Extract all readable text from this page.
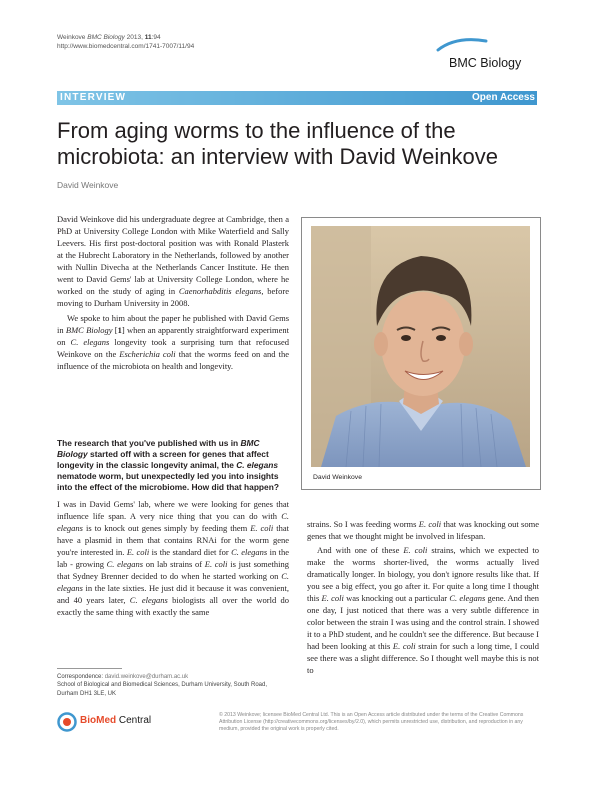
Weinkove BMC Biology 2013, 11:94
http://www.biomedcentral.com/1741-7007/11/94
BMC Biology
INTERVIEW	Open Access
From aging worms to the influence of the
microbiota: an interview with David Weinkove
David Weinkove

David Weinkove did his undergraduate degree at Cambridge, then a PhD at University College London with Mike Waterfield and Sally Leevers. His first post-doctoral position was with Ronald Plasterk at the Hubrecht Laboratory in the Netherlands, followed by another with Nullin Divecha at the Netherlands Cancer Institute. He then went to David Gems' lab at University College London, where he worked on the study of aging in Caenorhabditis elegans, before moving to Durham University in 2008.

We spoke to him about the paper he published with David Gems in BMC Biology [1] when an apparently straightforward experiment on C. elegans longevity took a surprising turn that refocused Weinkove on the Escherichia coli that the worms feed on and the influence of the microbiota on health and longevity.

David Weinkove
The research that you've published with us in BMC Biology started off with a screen for genes that affect longevity in the classic longevity animal, the C. elegans nematode worm, but unexpectedly led you into insights into the effect of the microbiome. How did that happen?

I was in David Gems' lab, where we were looking for genes that influence life span. A very nice thing that you can do with C. elegans is to knock out genes simply by feeding them E. coli that have a plasmid in them that contains RNAi for the worm gene you're interested in. E. coli is the standard diet for C. elegans in the lab - growing C. elegans on lab strains of E. coli is just something that Sydney Brenner decided to do when he started working on C. elegans in the late sixties. He just did it because it was convenient, and 40 years later, C. elegans biologists all over the world do exactly the same thing with exactly the same

strains. So I was feeding worms E. coli that was knocking out some genes that we thought might be involved in lifespan.

And with one of these E. coli strains, which we expected to make the worms shorter-lived, the worms actually lived dramatically longer. In biology, you don't ignore results like that. If you see a big effect, you go after it. For quite a long time I thought this E. coli was knocking out a particular C. elegans gene. And then one day, I just noticed that there was a very subtle difference in color between the strain I was using and the control strain. I showed it to a PhD student, and he couldn't see the difference. But because I had been looking at this E. coli strain for such a long time, I could see there was a slight difference. So I thought well maybe this is not to

Correspondence: david.weinkove@durham.ac.uk
School of Biological and Biomedical Sciences, Durham University, South Road, Durham DH1 3LE, UK
BioMed Central	© 2013 Weinkove; licensee BioMed Central Ltd. This is an Open Access article distributed under the terms of the Creative Commons Attribution License (http://creativecommons.org/licenses/by/2.0), which permits unrestricted use, distribution, and reproduction in any medium, provided the original work is properly cited.
